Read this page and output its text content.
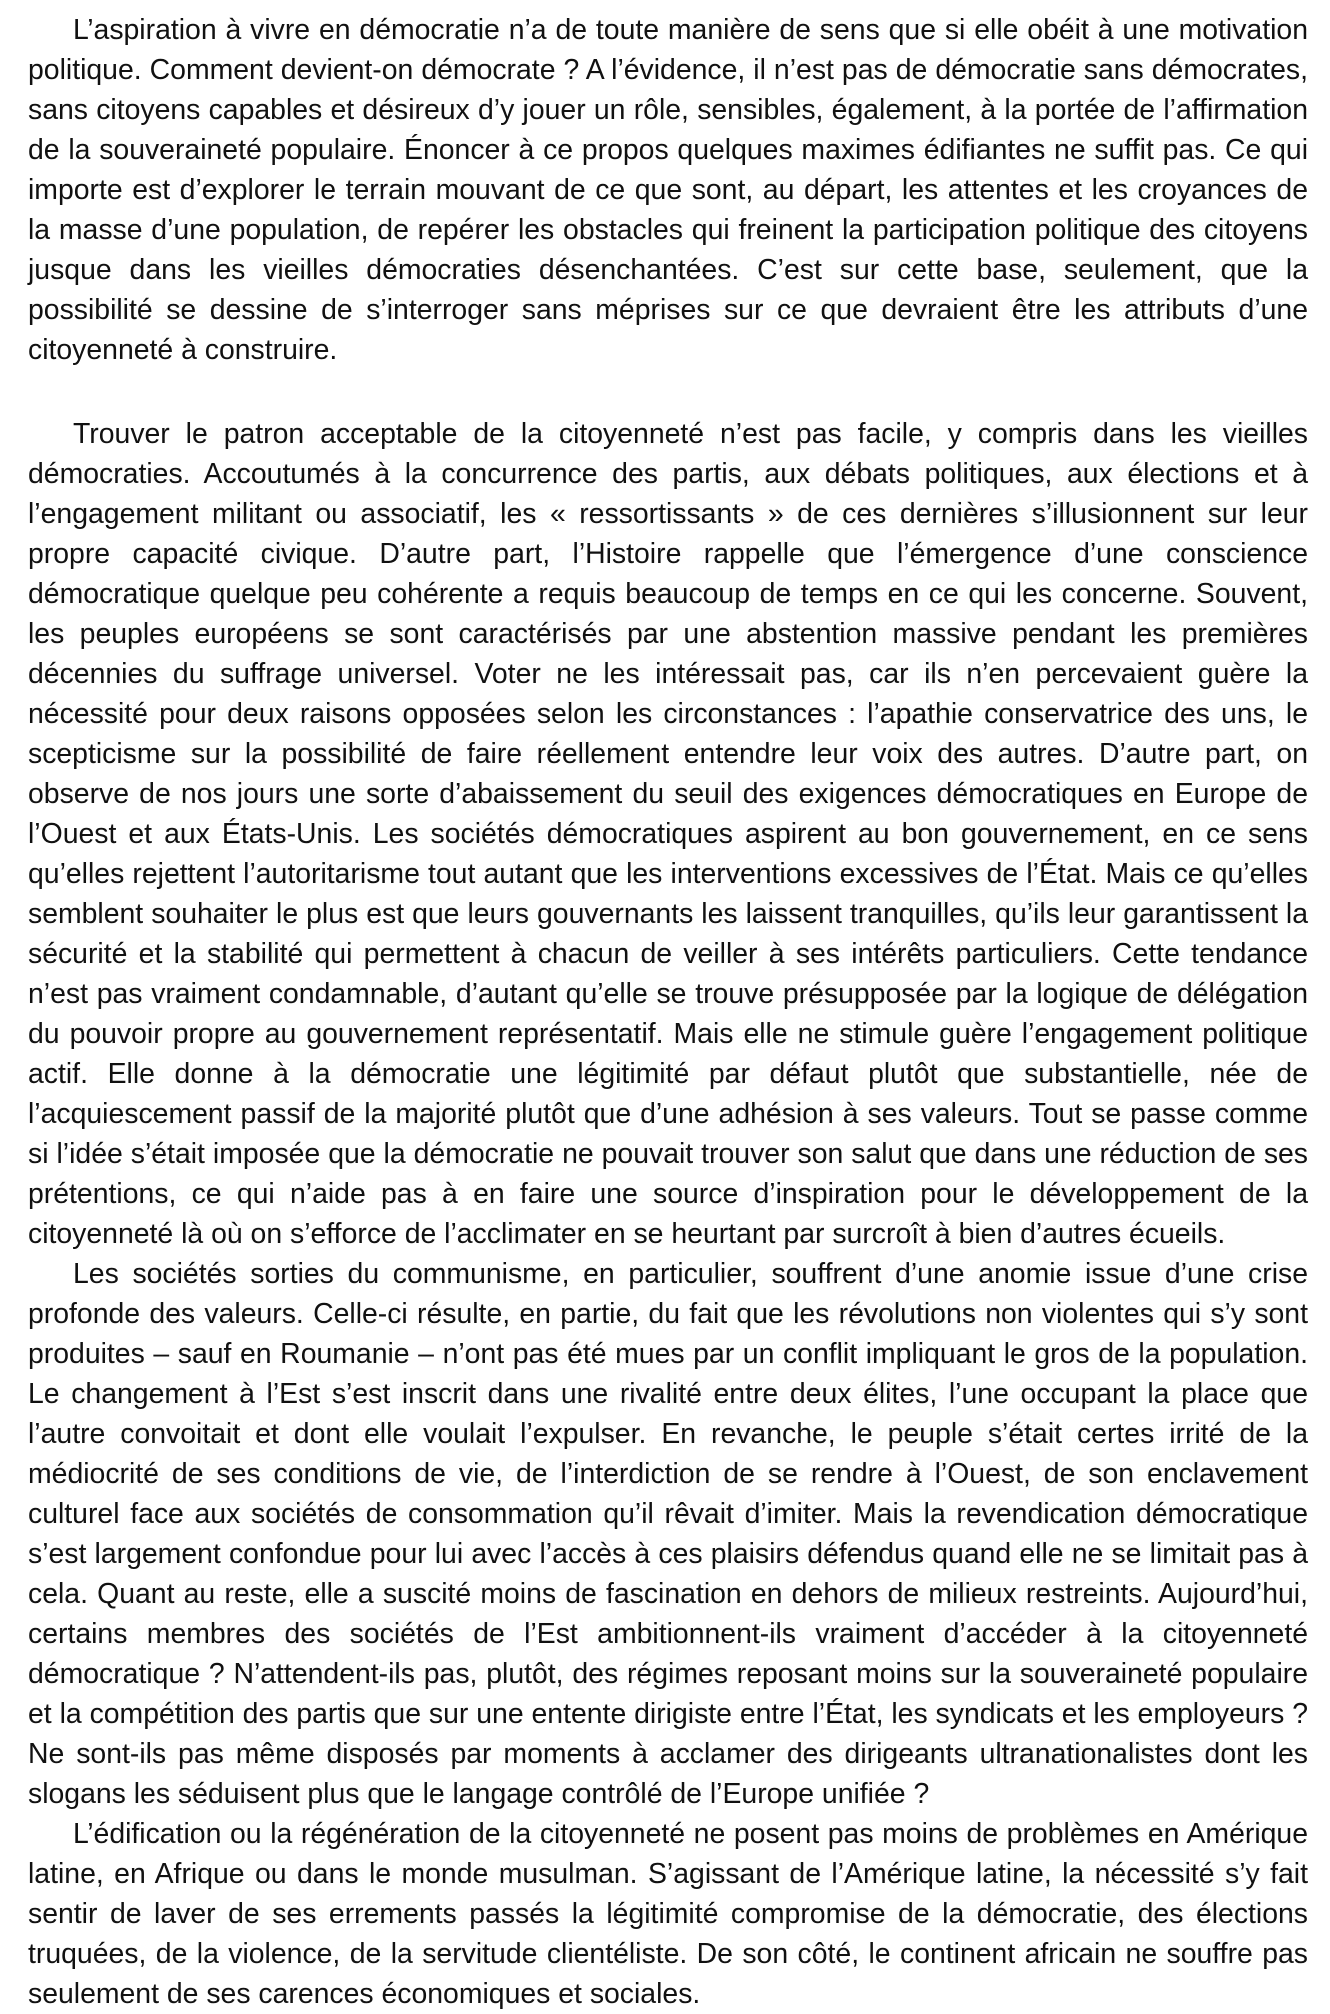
L’aspiration à vivre en démocratie n’a de toute manière de sens que si elle obéit à une motivation politique. Comment devient-on démocrate ? A l’évidence, il n’est pas de démocratie sans démocrates, sans citoyens capables et désireux d’y jouer un rôle, sensibles, également, à la portée de l’affirmation de la souveraineté populaire. Énoncer à ce propos quelques maximes édifiantes ne suffit pas. Ce qui importe est d’explorer le terrain mouvant de ce que sont, au départ, les attentes et les croyances de la masse d’une population, de repérer les obstacles qui freinent la participation politique des citoyens jusque dans les vieilles démocraties désenchantées. C’est sur cette base, seulement, que la possibilité se dessine de s’interroger sans méprises sur ce que devraient être les attributs d’une citoyenneté à construire.

Trouver le patron acceptable de la citoyenneté n’est pas facile, y compris dans les vieilles démocraties. Accoutumés à la concurrence des partis, aux débats politiques, aux élections et à l’engagement militant ou associatif, les « ressortissants » de ces dernières s’illusionnent sur leur propre capacité civique. D’autre part, l’Histoire rappelle que l’émergence d’une conscience démocratique quelque peu cohérente a requis beaucoup de temps en ce qui les concerne. Souvent, les peuples européens se sont caractérisés par une abstention massive pendant les premières décennies du suffrage universel. Voter ne les intéressait pas, car ils n’en percevaient guère la nécessité pour deux raisons opposées selon les circonstances : l’apathie conservatrice des uns, le scepticisme sur la possibilité de faire réellement entendre leur voix des autres. D’autre part, on observe de nos jours une sorte d’abaissement du seuil des exigences démocratiques en Europe de l’Ouest et aux États-Unis. Les sociétés démocratiques aspirent au bon gouvernement, en ce sens qu’elles rejettent l’autoritarisme tout autant que les interventions excessives de l’État. Mais ce qu’elles semblent souhaiter le plus est que leurs gouvernants les laissent tranquilles, qu’ils leur garantissent la sécurité et la stabilité qui permettent à chacun de veiller à ses intérêts particuliers. Cette tendance n’est pas vraiment condamnable, d’autant qu’elle se trouve présupposée par la logique de délégation du pouvoir propre au gouvernement représentatif. Mais elle ne stimule guère l’engagement politique actif. Elle donne à la démocratie une légitimité par défaut plutôt que substantielle, née de l’acquiescement passif de la majorité plutôt que d’une adhésion à ses valeurs. Tout se passe comme si l’idée s’était imposée que la démocratie ne pouvait trouver son salut que dans une réduction de ses prétentions, ce qui n’aide pas à en faire une source d’inspiration pour le développement de la citoyenneté là où on s’efforce de l’acclimater en se heurtant par surcroît à bien d’autres écueils.

Les sociétés sorties du communisme, en particulier, souffrent d’une anomie issue d’une crise profonde des valeurs. Celle-ci résulte, en partie, du fait que les révolutions non violentes qui s’y sont produites – sauf en Roumanie – n’ont pas été mues par un conflit impliquant le gros de la population. Le changement à l’Est s’est inscrit dans une rivalité entre deux élites, l’une occupant la place que l’autre convoitait et dont elle voulait l’expulser. En revanche, le peuple s’était certes irrité de la médiocrité de ses conditions de vie, de l’interdiction de se rendre à l’Ouest, de son enclavement culturel face aux sociétés de consommation qu’il rêvait d’imiter. Mais la revendication démocratique s’est largement confondue pour lui avec l’accès à ces plaisirs défendus quand elle ne se limitait pas à cela. Quant au reste, elle a suscité moins de fascination en dehors de milieux restreints. Aujourd’hui, certains membres des sociétés de l’Est ambitionnent-ils vraiment d’accéder à la citoyenneté démocratique ? N’attendent-ils pas, plutôt, des régimes reposant moins sur la souveraineté populaire et la compétition des partis que sur une entente dirigiste entre l’État, les syndicats et les employeurs ? Ne sont-ils pas même disposés par moments à acclamer des dirigeants ultranationalistes dont les slogans les séduisent plus que le langage contrôlé de l’Europe unifiée ?

L’édification ou la régénération de la citoyenneté ne posent pas moins de problèmes en Amérique latine, en Afrique ou dans le monde musulman. S’agissant de l’Amérique latine, la nécessité s’y fait sentir de laver de ses errements passés la légitimité compromise de la démocratie, des élections truquées, de la violence, de la servitude clientéliste. De son côté, le continent africain ne souffre pas seulement de ses carences économiques et sociales.
